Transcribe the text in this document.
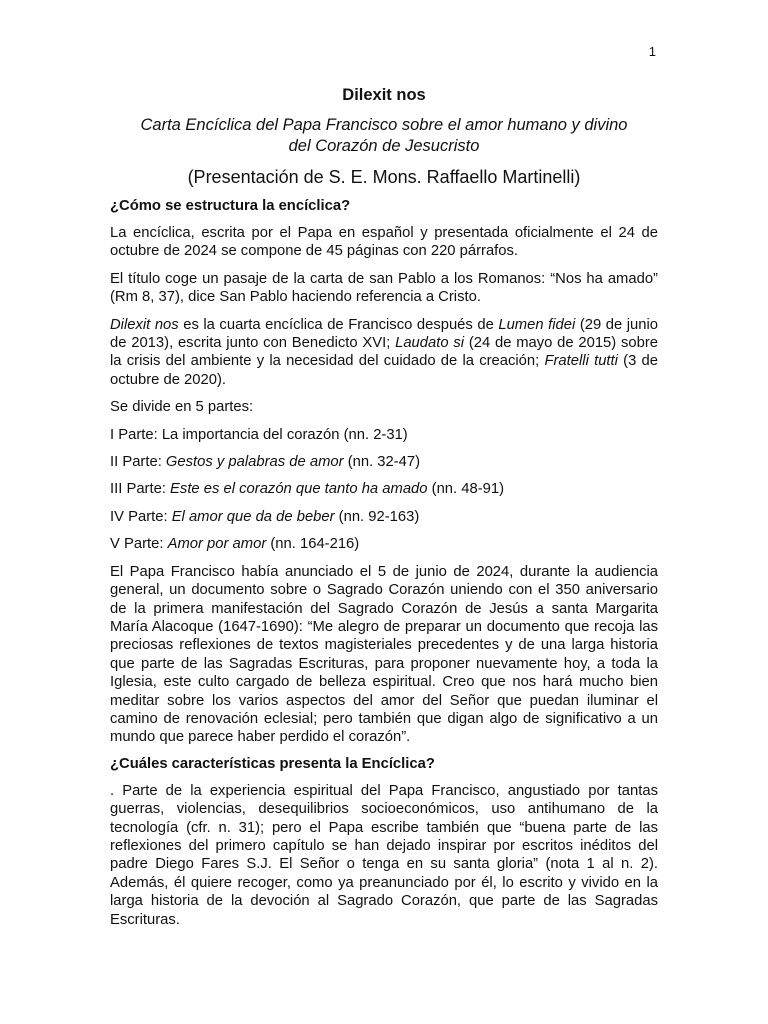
1
Dilexit nos
Carta Encíclica del Papa Francisco sobre el amor humano y divino
del Corazón de Jesucristo
(Presentación de S. E. Mons. Raffaello Martinelli)
¿Cómo se estructura la encíclica?
La encíclica, escrita por el Papa en español y presentada oficialmente el 24 de octubre de 2024 se compone de 45 páginas con 220 párrafos.
El título coge un pasaje de la carta de san Pablo a los Romanos: “Nos ha amado” (Rm 8, 37), dice San Pablo haciendo referencia a Cristo.
Dilexit nos es la cuarta encíclica de Francisco después de Lumen fidei (29 de junio de 2013), escrita junto con Benedicto XVI; Laudato si (24 de mayo de 2015) sobre la crisis del ambiente y la necesidad del cuidado de la creación; Fratelli tutti (3 de octubre de 2020).
Se divide en 5 partes:
I Parte: La importancia del corazón (nn. 2-31)
II Parte: Gestos y palabras de amor (nn. 32-47)
III Parte: Este es el corazón que tanto ha amado (nn. 48-91)
IV Parte: El amor que da de beber (nn. 92-163)
V Parte: Amor por amor (nn. 164-216)
El Papa Francisco había anunciado el 5 de junio de 2024, durante la audiencia general, un documento sobre o Sagrado Corazón uniendo con el 350 aniversario de la primera manifestación del Sagrado Corazón de Jesús a santa Margarita María Alacoque (1647-1690): “Me alegro de preparar un documento que recoja las preciosas reflexiones de textos magisteriales precedentes y de una larga historia que parte de las Sagradas Escrituras, para proponer nuevamente hoy, a toda la Iglesia, este culto cargado de belleza espiritual. Creo que nos hará mucho bien meditar sobre los varios aspectos del amor del Señor que puedan iluminar el camino de renovación eclesial; pero también que digan algo de significativo a un mundo que parece haber perdido el corazón”.
¿Cuáles características presenta la Encíclica?
. Parte de la experiencia espiritual del Papa Francisco, angustiado por tantas guerras, violencias, desequilibrios socioeconómicos, uso antihumano de la tecnología (cfr. n. 31); pero el Papa escribe también que “buena parte de las reflexiones del primero capítulo se han dejado inspirar por escritos inéditos del padre Diego Fares S.J. El Señor o tenga en su santa gloria” (nota 1 al n. 2). Además, él quiere recoger, como ya preanunciado por él, lo escrito y vivido en la larga historia de la devoción al Sagrado Corazón, que parte de las Sagradas Escrituras.
